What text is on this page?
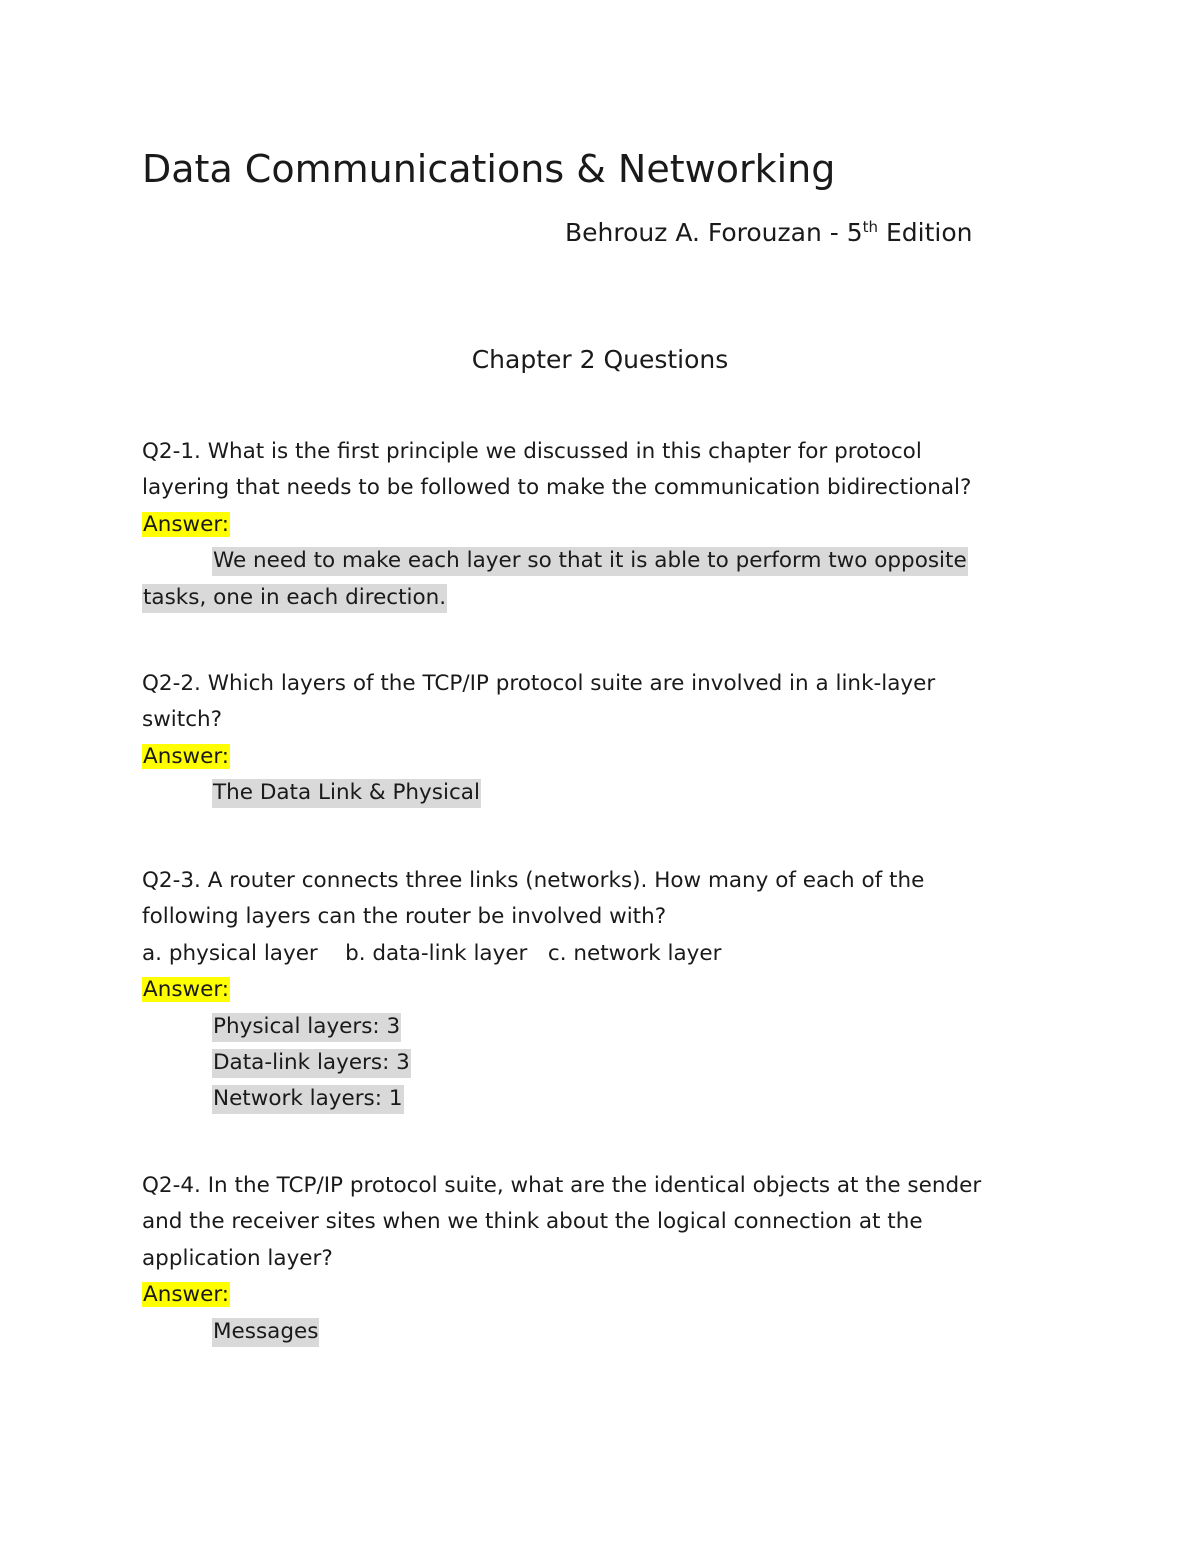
Data Communications & Networking
Behrouz A. Forouzan - 5th Edition
Chapter 2 Questions
Q2-1. What is the first principle we discussed in this chapter for protocol
layering that needs to be followed to make the communication bidirectional?
Answer:
We need to make each layer so that it is able to perform two opposite
tasks, one in each direction.
Q2-2. Which layers of the TCP/IP protocol suite are involved in a link-layer
switch?
Answer:
The Data Link & Physical
Q2-3. A router connects three links (networks). How many of each of the
following layers can the router be involved with?
a. physical layer    b. data-link layer   c. network layer
Answer:
Physical layers: 3
Data-link layers: 3
Network layers: 1
Q2-4. In the TCP/IP protocol suite, what are the identical objects at the sender
and the receiver sites when we think about the logical connection at the
application layer?
Answer:
Messages
